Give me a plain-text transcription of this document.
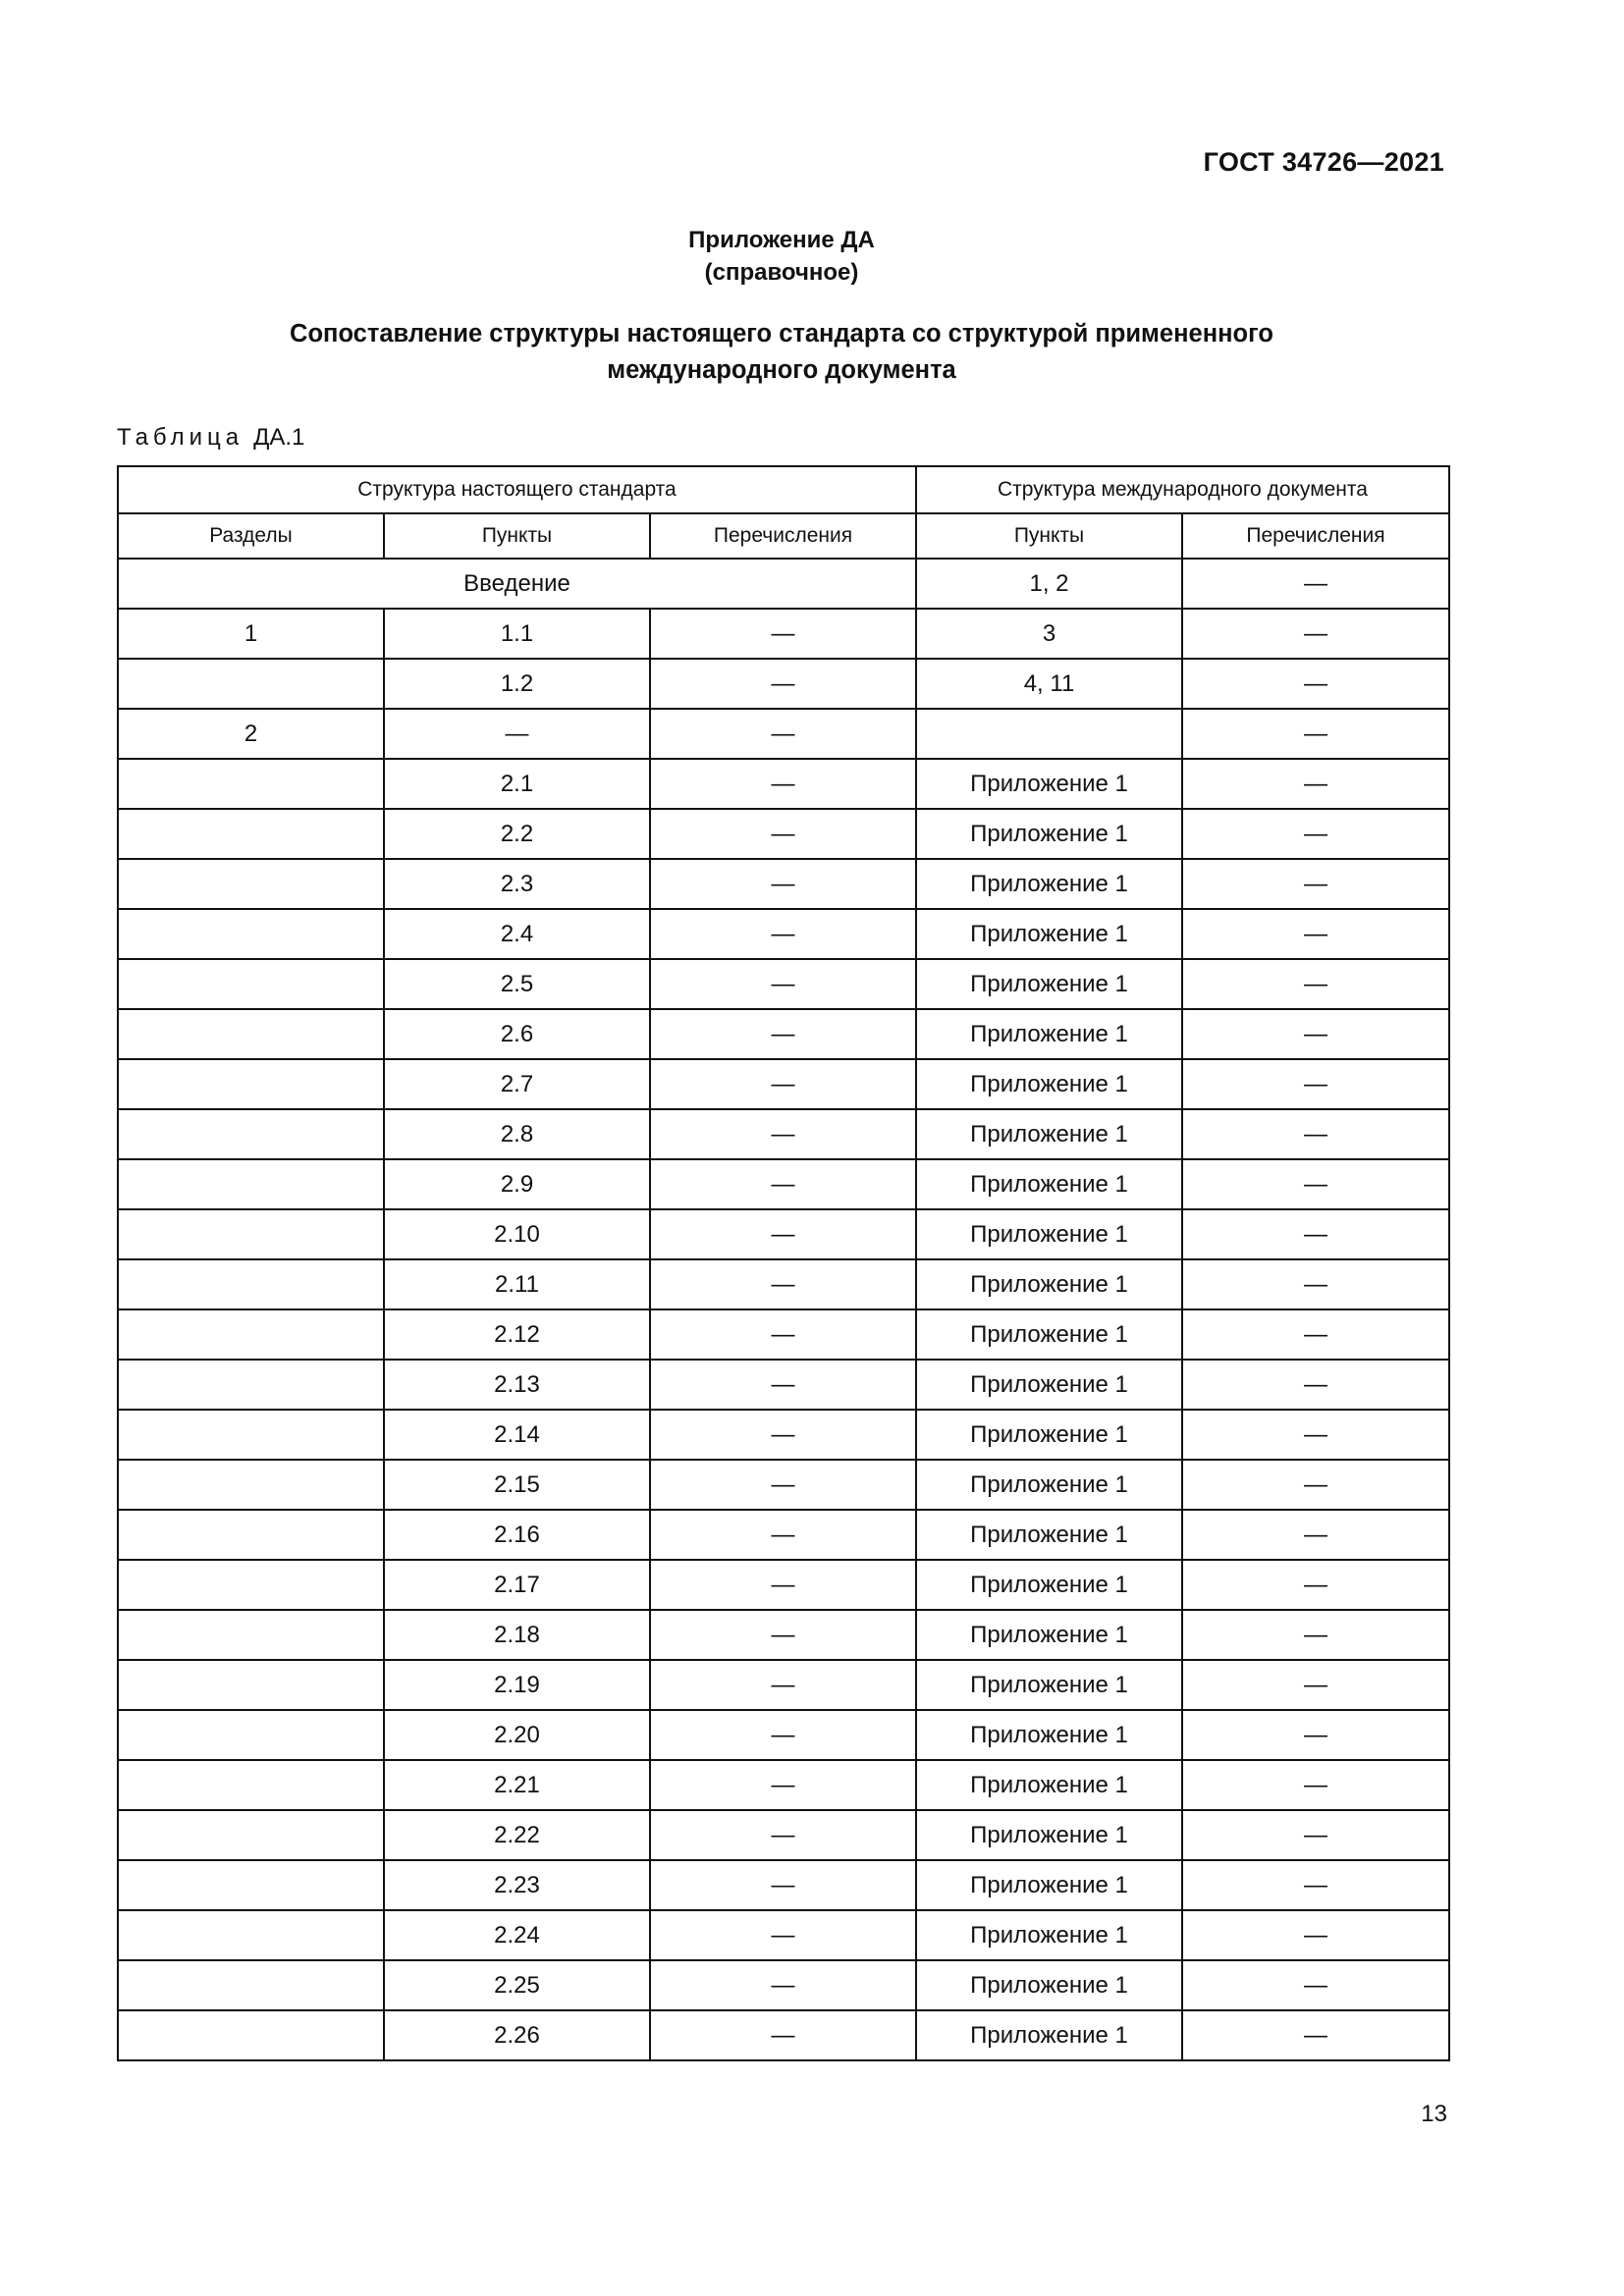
ГОСТ 34726—2021
Приложение ДА
(справочное)
Сопоставление структуры настоящего стандарта со структурой примененного
международного документа
Таблица ДА.1
Структура настоящего стандарта			Структура международного документа	
Разделы	Пункты	Перечисления	Пункты	Перечисления
Введение			1, 2	—
1	1.1	—	3	—
	1.2	—	4, 11	—
2	—	—		—
	2.1	—	Приложение 1	—
	2.2	—	Приложение 1	—
	2.3	—	Приложение 1	—
	2.4	—	Приложение 1	—
	2.5	—	Приложение 1	—
	2.6	—	Приложение 1	—
	2.7	—	Приложение 1	—
	2.8	—	Приложение 1	—
	2.9	—	Приложение 1	—
	2.10	—	Приложение 1	—
	2.11	—	Приложение 1	—
	2.12	—	Приложение 1	—
	2.13	—	Приложение 1	—
	2.14	—	Приложение 1	—
	2.15	—	Приложение 1	—
	2.16	—	Приложение 1	—
	2.17	—	Приложение 1	—
	2.18	—	Приложение 1	—
	2.19	—	Приложение 1	—
	2.20	—	Приложение 1	—
	2.21	—	Приложение 1	—
	2.22	—	Приложение 1	—
	2.23	—	Приложение 1	—
	2.24	—	Приложение 1	—
	2.25	—	Приложение 1	—
	2.26	—	Приложение 1	—
13
